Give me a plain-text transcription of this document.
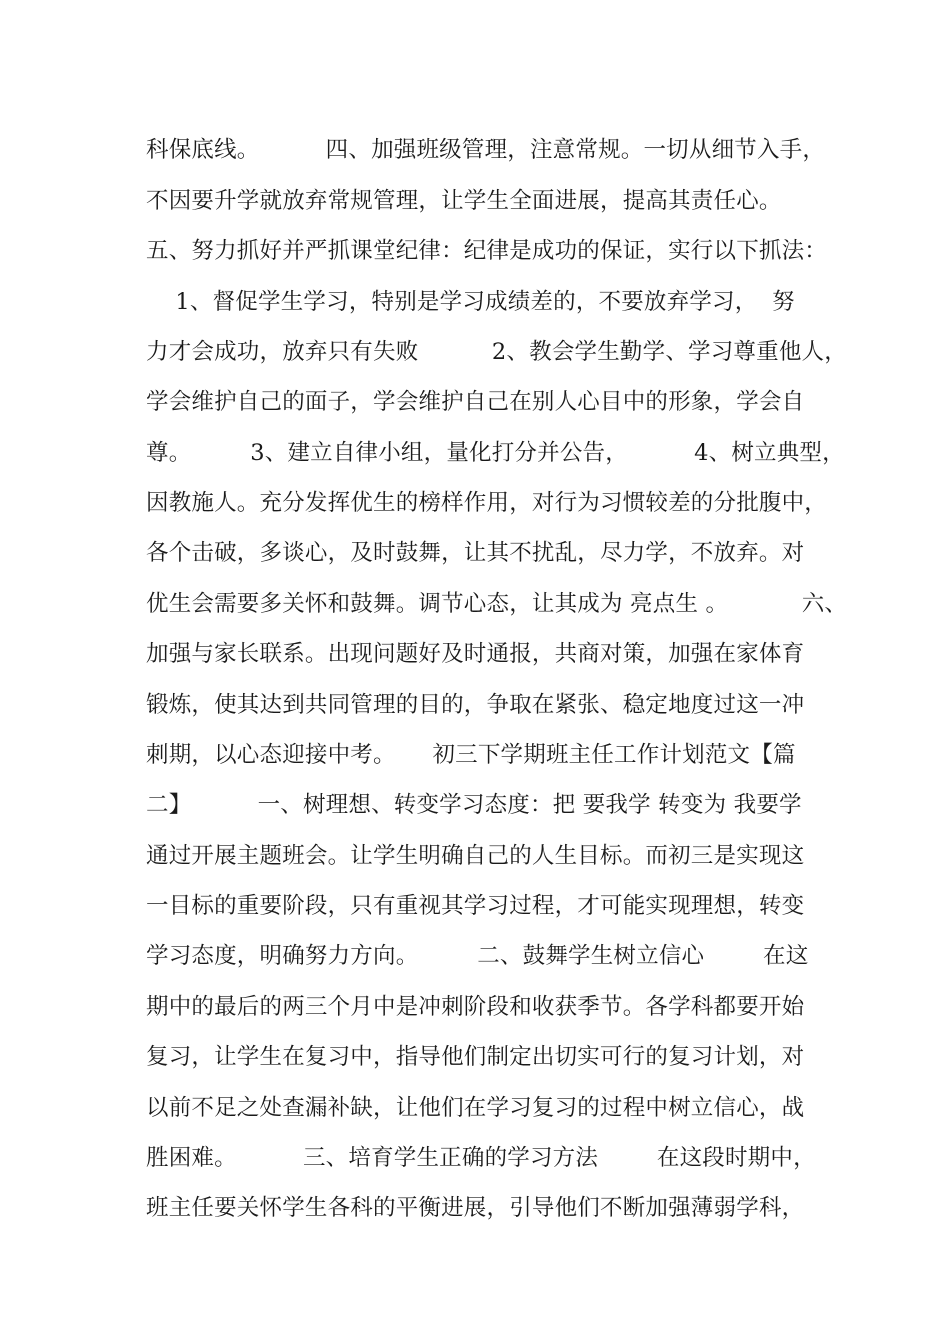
科保底线。         四、加强班级管理，注意常规。一切从细节入手，
不因要升学就放弃常规管理，让学生全面进展，提高其责任心。
五、努力抓好并严抓课堂纪律：纪律是成功的保证，实行以下抓法：
1、督促学生学习，特别是学习成绩差的，不要放弃学习，  努
力才会成功，放弃只有失败          2、教会学生勤学、学习尊重他人，
学会维护自己的面子，学会维护自己在别人心目中的形象，学会自
尊。        3、建立自律小组，量化打分并公告，         4、树立典型，
因教施人。充分发挥优生的榜样作用，对行为习惯较差的分批腹中，
各个击破，多谈心，及时鼓舞，让其不扰乱，尽力学，不放弃。对
优生会需要多关怀和鼓舞。调节心态，让其成为 亮点生 。          六、
加强与家长联系。出现问题好及时通报，共商对策，加强在家体育
锻炼，使其达到共同管理的目的，争取在紧张、稳定地度过这一冲
刺期，以心态迎接中考。     初三下学期班主任工作计划范文【篇
二】         一、树理想、转变学习态度：把 要我学 转变为 我要学
通过开展主题班会。让学生明确自己的人生目标。而初三是实现这
一目标的重要阶段，只有重视其学习过程，才可能实现理想，转变
学习态度，明确努力方向。        二、鼓舞学生树立信心        在这
期中的最后的两三个月中是冲刺阶段和收获季节。各学科都要开始
复习，让学生在复习中，指导他们制定出切实可行的复习计划，对
以前不足之处查漏补缺，让他们在学习复习的过程中树立信心，战
胜困难。         三、培育学生正确的学习方法        在这段时期中，
班主任要关怀学生各科的平衡进展，引导他们不断加强薄弱学科，
